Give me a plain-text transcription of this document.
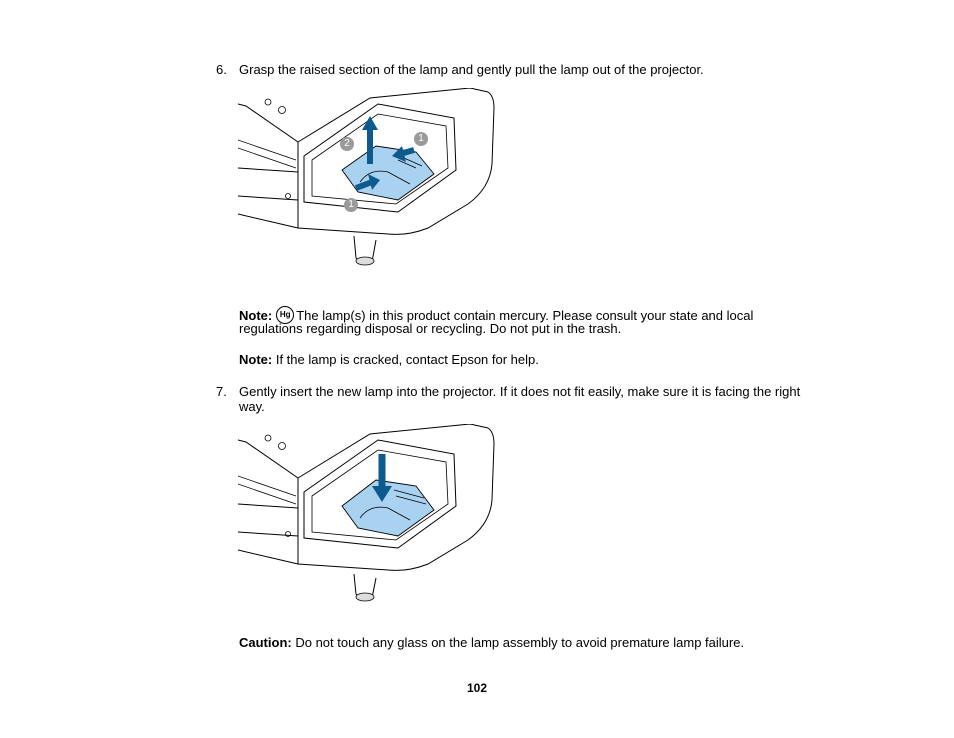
6. Grasp the raised section of the lamp and gently pull the lamp out of the projector.
1
2
1
Note: Hg The lamp(s) in this product contain mercury. Please consult your state and local
regulations regarding disposal or recycling. Do not put in the trash.
Note: If the lamp is cracked, contact Epson for help.
7. Gently insert the new lamp into the projector. If it does not fit easily, make sure it is facing the right
way.
Caution: Do not touch any glass on the lamp assembly to avoid premature lamp failure.
102
